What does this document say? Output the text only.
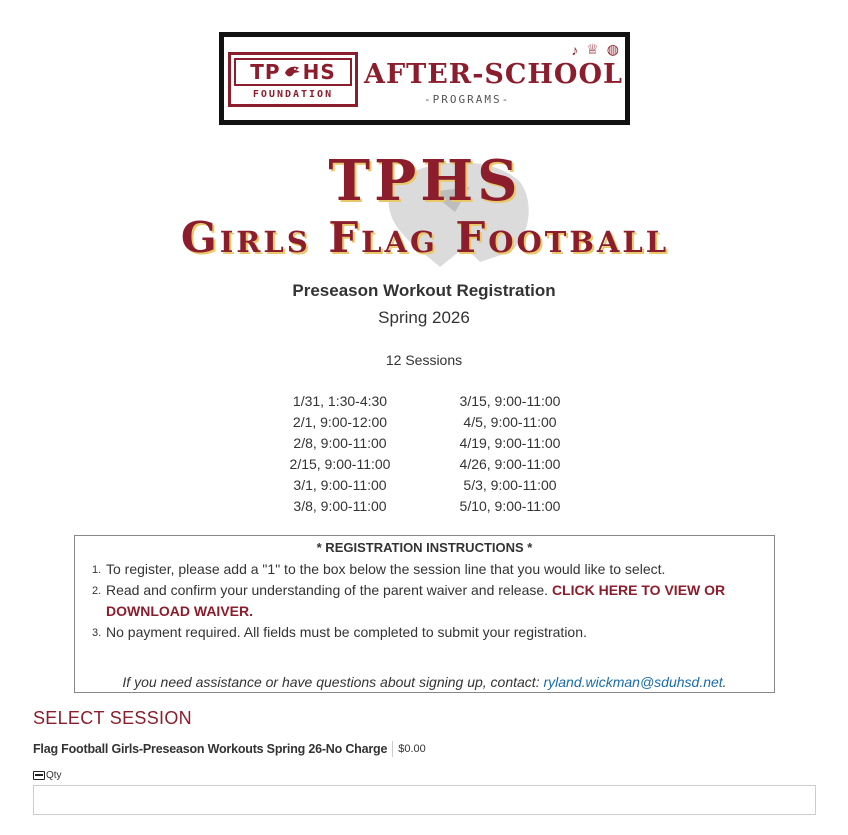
TP HS
FOUNDATION
AFTER-SCHOOL
-PROGRAMS-
♪ ♕ ◍
TPHS
Girls Flag Football
Preseason Workout Registration
Spring 2026
12 Sessions
1/31, 1:30-4:30
2/1, 9:00-12:00
2/8, 9:00-11:00
2/15, 9:00-11:00
3/1, 9:00-11:00
3/8, 9:00-11:00
3/15, 9:00-11:00
4/5, 9:00-11:00
4/19, 9:00-11:00
4/26, 9:00-11:00
5/3, 9:00-11:00
5/10, 9:00-11:00
* REGISTRATION INSTRUCTIONS *
1. To register, please add a "1" to the box below the session line that you would like to select.
2. Read and confirm your understanding of the parent waiver and release. CLICK HERE TO VIEW OR DOWNLOAD WAIVER.
3. No payment required. All fields must be completed to submit your registration.
If you need assistance or have questions about signing up, contact: ryland.wickman@sduhsd.net.
SELECT SESSION
Flag Football Girls-Preseason Workouts Spring 26-No Charge $0.00
Qty
